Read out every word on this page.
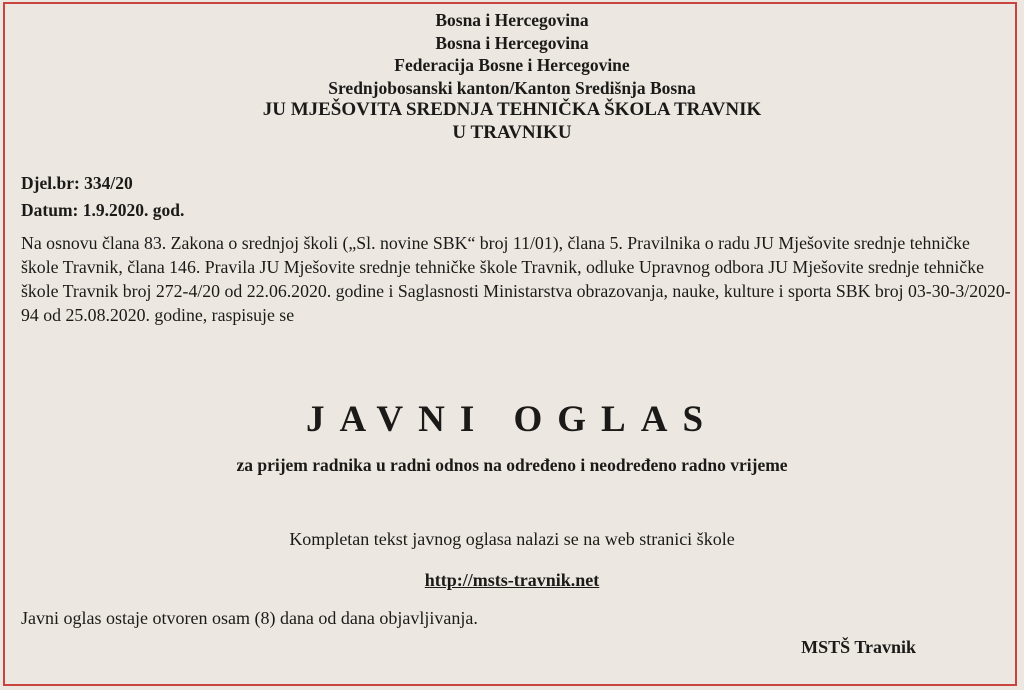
Bosna i Hercegovina
Bosna i Hercegovina
Federacija Bosne i Hercegovine
Srednjobosanski kanton/Kanton Središnja Bosna
JU MJEŠOVITA SREDNJA TEHNIČKA ŠKOLA TRAVNIK
U TRAVNIKU
Djel.br: 334/20
Datum: 1.9.2020. god.
Na osnovu člana 83. Zakona o srednjoj školi („Sl. novine SBK“ broj 11/01), člana 5. Pravilnika o radu JU Mješovite srednje tehničke škole Travnik, člana 146. Pravila JU Mješovite srednje tehničke škole Travnik, odluke Upravnog odbora JU Mješovite srednje tehničke škole Travnik broj 272-4/20 od 22.06.2020. godine i Saglasnosti Ministarstva obrazovanja, nauke, kulture i sporta SBK broj 03-30-3/2020-94 od 25.08.2020. godine, raspisuje se
JAVNI OGLAS
za prijem radnika u radni odnos na određeno i neodređeno radno vrijeme
Kompletan tekst javnog oglasa nalazi se na web stranici škole
http://msts-travnik.net
Javni oglas ostaje otvoren osam (8) dana od dana objavljivanja.
MSTŠ Travnik
